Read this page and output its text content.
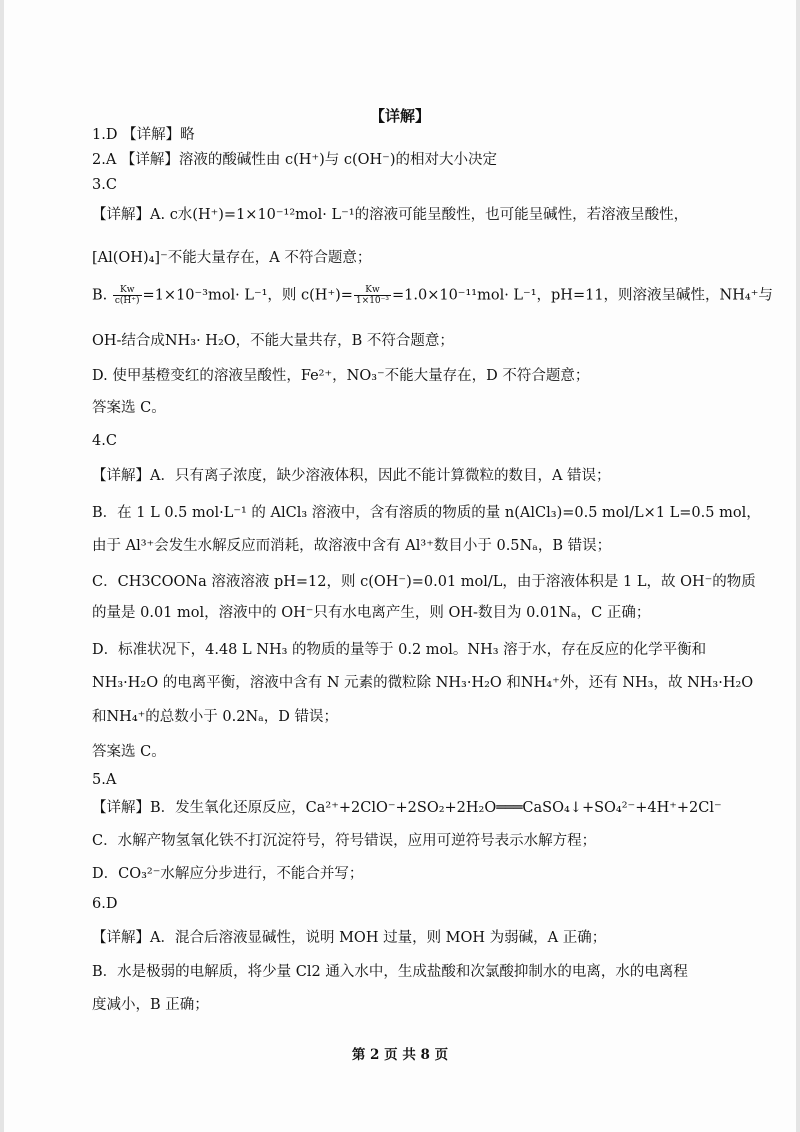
【详解】
1.D 【详解】略
2.A 【详解】溶液的酸碱性由 c(H⁺)与 c(OH⁻)的相对大小决定
3.C
【详解】A. c水(H⁺)=1×10⁻¹²mol· L⁻¹的溶液可能呈酸性，也可能呈碱性，若溶液呈酸性，
[Al(OH)₄]⁻不能大量存在，A 不符合题意；
B. $\frac{Kw}{c(H^+)} =1\times 10^{-3}mol\cdot L^{-1}$，则 $c(H^+)= \frac{Kw}{\text{1×10⁻³}} =1.0\times 10^{-11}mol\cdot L^{-1}$，pH=11，则溶液呈碱性，NH₄⁺与
OH-结合成NH₃· H₂O，不能大量共存，B 不符合题意；
D. 使甲基橙变红的溶液呈酸性，Fe²⁺，NO₃⁻不能大量存在，D 不符合题意；
答案选 C。
4.C
【详解】A．只有离子浓度，缺少溶液体积，因此不能计算微粒的数目，A 错误；
B．在 1 L 0.5 mol·L⁻¹ 的 AlCl₃ 溶液中，含有溶质的物质的量 n(AlCl₃)=0.5 mol/L×1 L=0.5 mol，
由于 Al³⁺会发生水解反应而消耗，故溶液中含有 Al³⁺数目小于 0.5Nₐ，B 错误；
C．CH3COONa 溶液溶液 pH=12，则 c(OH⁻)=0.01 mol/L，由于溶液体积是 1 L，故 OH⁻的物质
的量是 0.01 mol，溶液中的 OH⁻只有水电离产生，则 OH-数目为 0.01Nₐ，C 正确；
D．标准状况下，4.48 L NH₃ 的物质的量等于 0.2 mol。NH₃ 溶于水，存在反应的化学平衡和
NH₃·H₂O 的电离平衡，溶液中含有 N 元素的微粒除 NH₃·H₂O 和NH₄⁺外，还有 NH₃，故 NH₃·H₂O
和NH₄⁺的总数小于 0.2Nₐ，D 错误；
答案选 C。
5.A
【详解】B．发生氧化还原反应，Ca²⁺+2ClO⁻+2SO₂+2H₂O═══CaSO₄↓+SO₄²⁻+4H⁺+2Cl⁻
C．水解产物氢氧化铁不打沉淀符号，符号错误，应用可逆符号表示水解方程；
D．CO₃²⁻水解应分步进行，不能合并写；
6.D
【详解】A．混合后溶液显碱性，说明 MOH 过量，则 MOH 为弱碱，A 正确；
B．水是极弱的电解质，将少量 Cl2 通入水中，生成盐酸和次氯酸抑制水的电离，水的电离程
度减小，B 正确；
第 2 页 共 8 页
